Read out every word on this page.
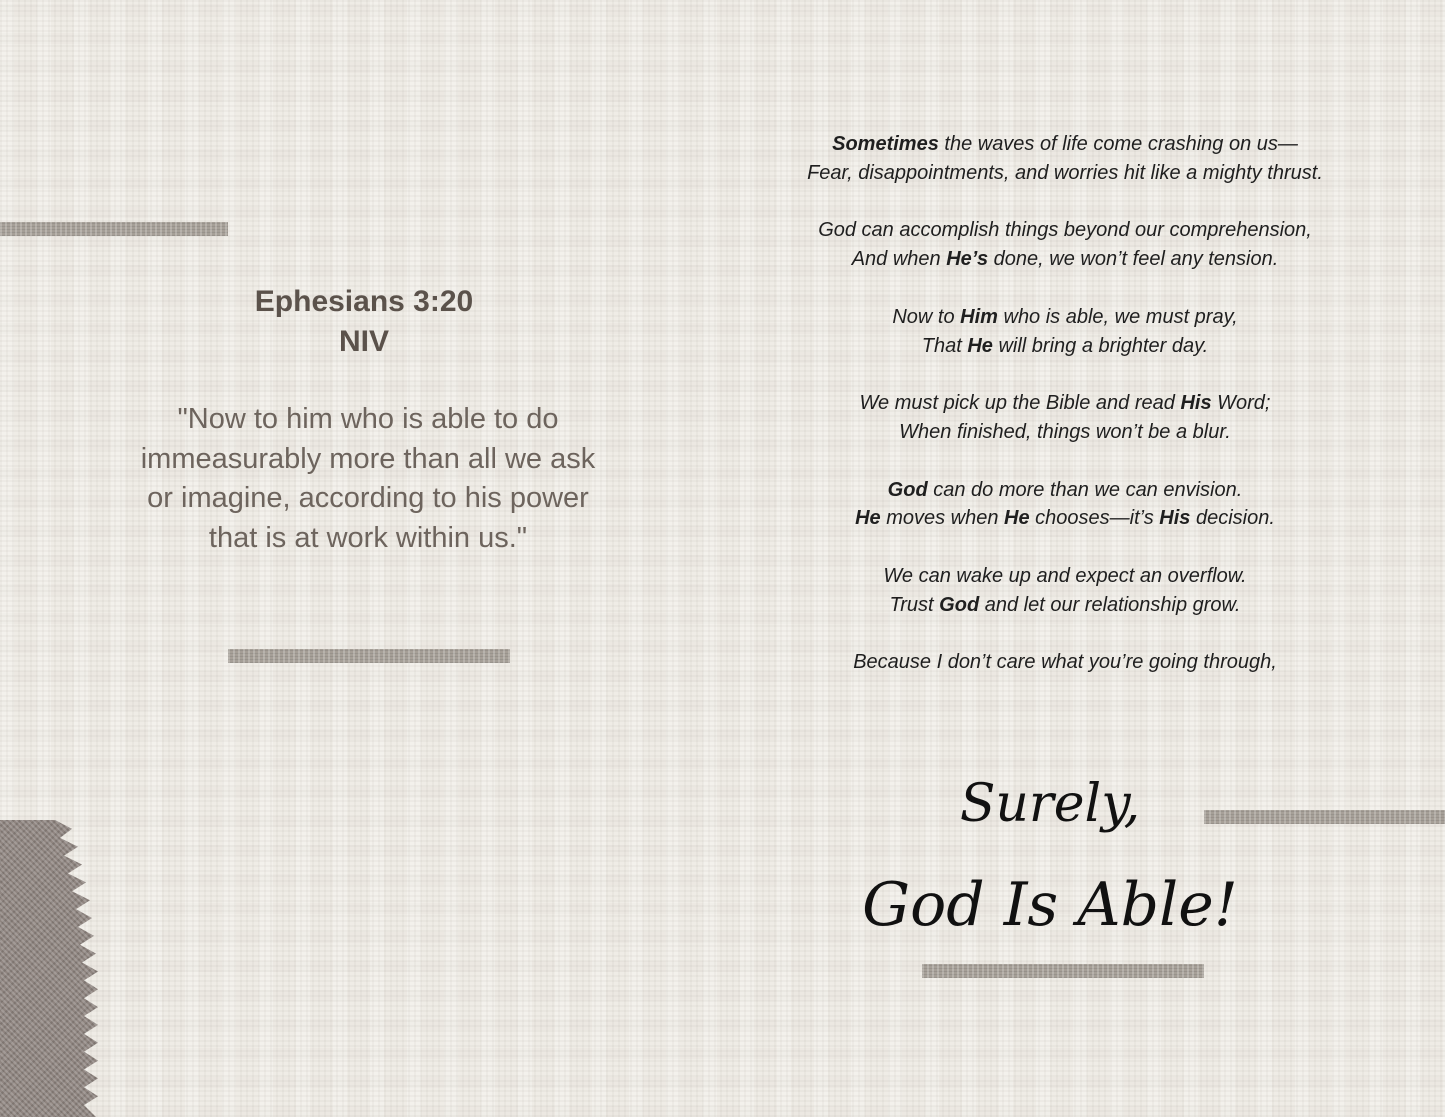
Ephesians 3:20
NIV
"Now to him who is able to do immeasurably more than all we ask or imagine, according to his power that is at work within us."

Sometimes the waves of life come crashing on us—
Fear, disappointments, and worries hit like a mighty thrust.

God can accomplish things beyond our comprehension,
And when He’s done, we won’t feel any tension.

Now to Him who is able, we must pray,
That He will bring a brighter day.

We must pick up the Bible and read His Word;
When finished, things won’t be a blur.

God can do more than we can envision.
He moves when He chooses—it’s His decision.

We can wake up and expect an overflow.
Trust God and let our relationship grow.

Because I don’t care what you’re going through,

Surely,
God Is Able!
